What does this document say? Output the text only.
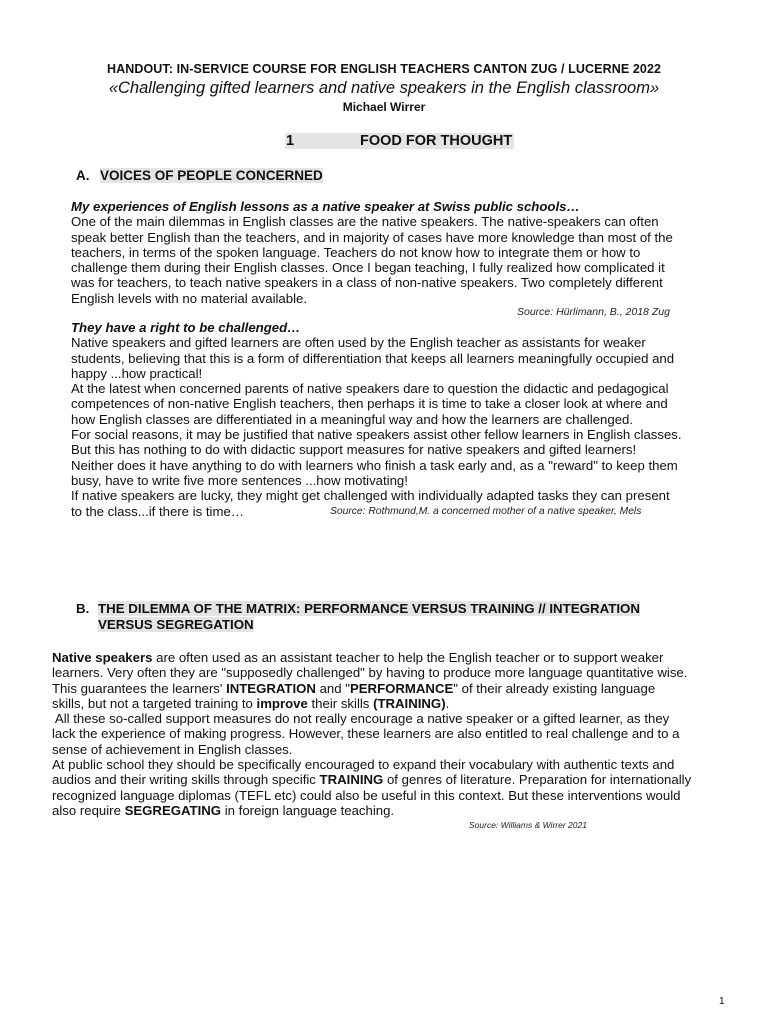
HANDOUT: IN-SERVICE COURSE FOR ENGLISH TEACHERS CANTON ZUG / LUCERNE 2022
«Challenging gifted learners and native speakers in the English classroom»
Michael Wirrer
1	FOOD FOR THOUGHT
A. VOICES OF PEOPLE CONCERNED

My experiences of English lessons as a native speaker at Swiss public schools…

One of the main dilemmas in English classes are the native speakers. The native-speakers can often

speak better English than the teachers, and in majority of cases have more knowledge than most of the

teachers, in terms of the spoken language. Teachers do not know how to integrate them or how to

challenge them during their English classes. Once I began teaching, I fully realized how complicated it

was for teachers, to teach native speakers in a class of non-native speakers. Two completely different

English levels with no material available.

Source: Hürlimann, B., 2018 Zug

They have a right to be challenged…

Native speakers and gifted learners are often used by the English teacher as assistants for weaker

students, believing that this is a form of differentiation that keeps all learners meaningfully occupied and

happy ...how practical!

At the latest when concerned parents of native speakers dare to question the didactic and pedagogical

competences of non-native English teachers, then perhaps it is time to take a closer look at where and

how English classes are differentiated in a meaningful way and how the learners are challenged.

For social reasons, it may be justified that native speakers assist other fellow learners in English classes.

But this has nothing to do with didactic support measures for native speakers and gifted learners!

Neither does it have anything to do with learners who finish a task early and, as a "reward" to keep them

busy, have to write five more sentences ...how motivating!

If native speakers are lucky, they might get challenged with individually adapted tasks they can present

to the class...if there is time…	Source: Rothmund,M. a concerned mother of a native speaker, Mels
B. THE DILEMMA OF THE MATRIX: PERFORMANCE VERSUS TRAINING // INTEGRATION
VERSUS SEGREGATION

Native speakers are often used as an assistant teacher to help the English teacher or to support weaker

learners. Very often they are "supposedly challenged" by having to produce more language quantitative wise.

This guarantees the learners' INTEGRATION and "PERFORMANCE" of their already existing language

skills, but not a targeted training to improve their skills (TRAINING).

All these so-called support measures do not really encourage a native speaker or a gifted learner, as they

lack the experience of making progress. However, these learners are also entitled to real challenge and to a

sense of achievement in English classes.

At public school they should be specifically encouraged to expand their vocabulary with authentic texts and

audios and their writing skills through specific TRAINING of genres of literature. Preparation for internationally

recognized language diplomas (TEFL etc) could also be useful in this context. But these interventions would

also require SEGREGATING in foreign language teaching.

Source: Williams & Wirrer 2021
1
